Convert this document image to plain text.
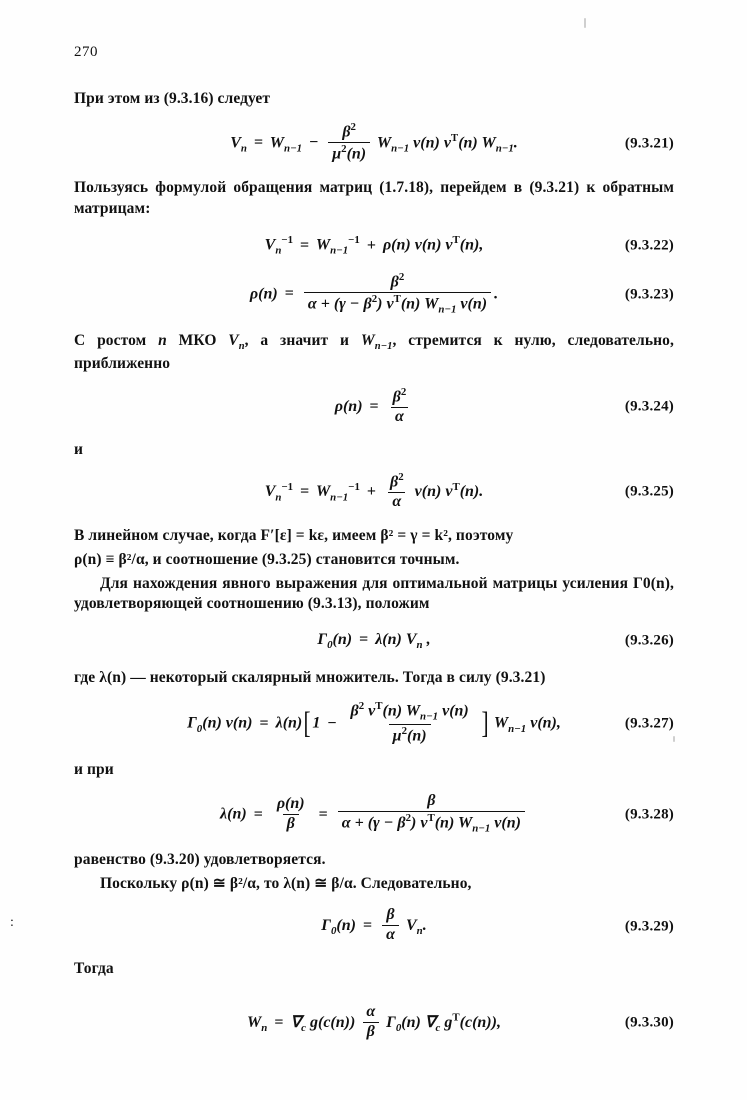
:
270

При этом из (9.3.16) следует

$V_n = W_{n-1} - \frac{\beta^2}{\mu^2(n)} W_{n-1}$ v(n) $v^T(n)$ $W_{n-1}$.	(9.3.21)

Пользуясь формулой обращения матриц (1.7.18), перейдем в (9.3.21) к обратным матрицам:

$V_n^{-1} = W_{n-1}^{-1} + \rho(n)$ v(n) $v^T(n)$,	(9.3.22)
$\rho(n) = \frac{\beta^2}{\alpha + (\gamma - \beta^2) v^T(n) W_{n-1} v(n)}$ .	(9.3.23)

С ростом n МКО $V_n$, а значит и $W_{n-1}$, стремится к нулю, следовательно, приближенно

$\rho(n) = \frac{\beta^2}{\alpha}$	(9.3.24)
и
$V_n^{-1} = W_{n-1}^{-1} + \frac{\beta^2}{\alpha} v(n)$ $v^T(n)$.	(9.3.25)

В линейном случае, когда F′[ε] = kε, имеем β² = γ = k², поэтому

ρ(n) ≡ β²/α, и соотношение (9.3.25) становится точным.

Для нахождения явного выражения для оптимальной матрицы усиления Г0(n), удовлетворяющей соотношению (9.3.13), положим

$\Gamma_0(n) = \lambda(n)$ $V_n$ ,	(9.3.26)

где λ(n) — некоторый скалярный множитель. Тогда в силу (9.3.21)

$\Gamma_0(n) v(n) = \lambda(n)[1 - \frac{\beta^2 v^T(n) W_{n-1} v(n)}{\mu^2(n)}$ ] $W_{n-1}$ v(n),	(9.3.27)

и при

$\lambda(n) = \frac{\rho(n)}{\beta} = \frac{\beta}{\alpha + (\gamma - \beta^2) v^T(n) W_{n-1} v(n)}$	(9.3.28)

равенство (9.3.20) удовлетворяется.

Поскольку ρ(n) ≅ β²/α, то λ(n) ≅ β/α. Следовательно,

$\Gamma_0(n) = \frac{\beta}{\alpha} V_n$.	(9.3.29)

Тогда

$W_n = \nabla_c$ $g(c(n)) \frac{\alpha}{\beta} \Gamma_0(n)$ $\nabla_c$ $g^T(c(n))$,	(9.3.30)
